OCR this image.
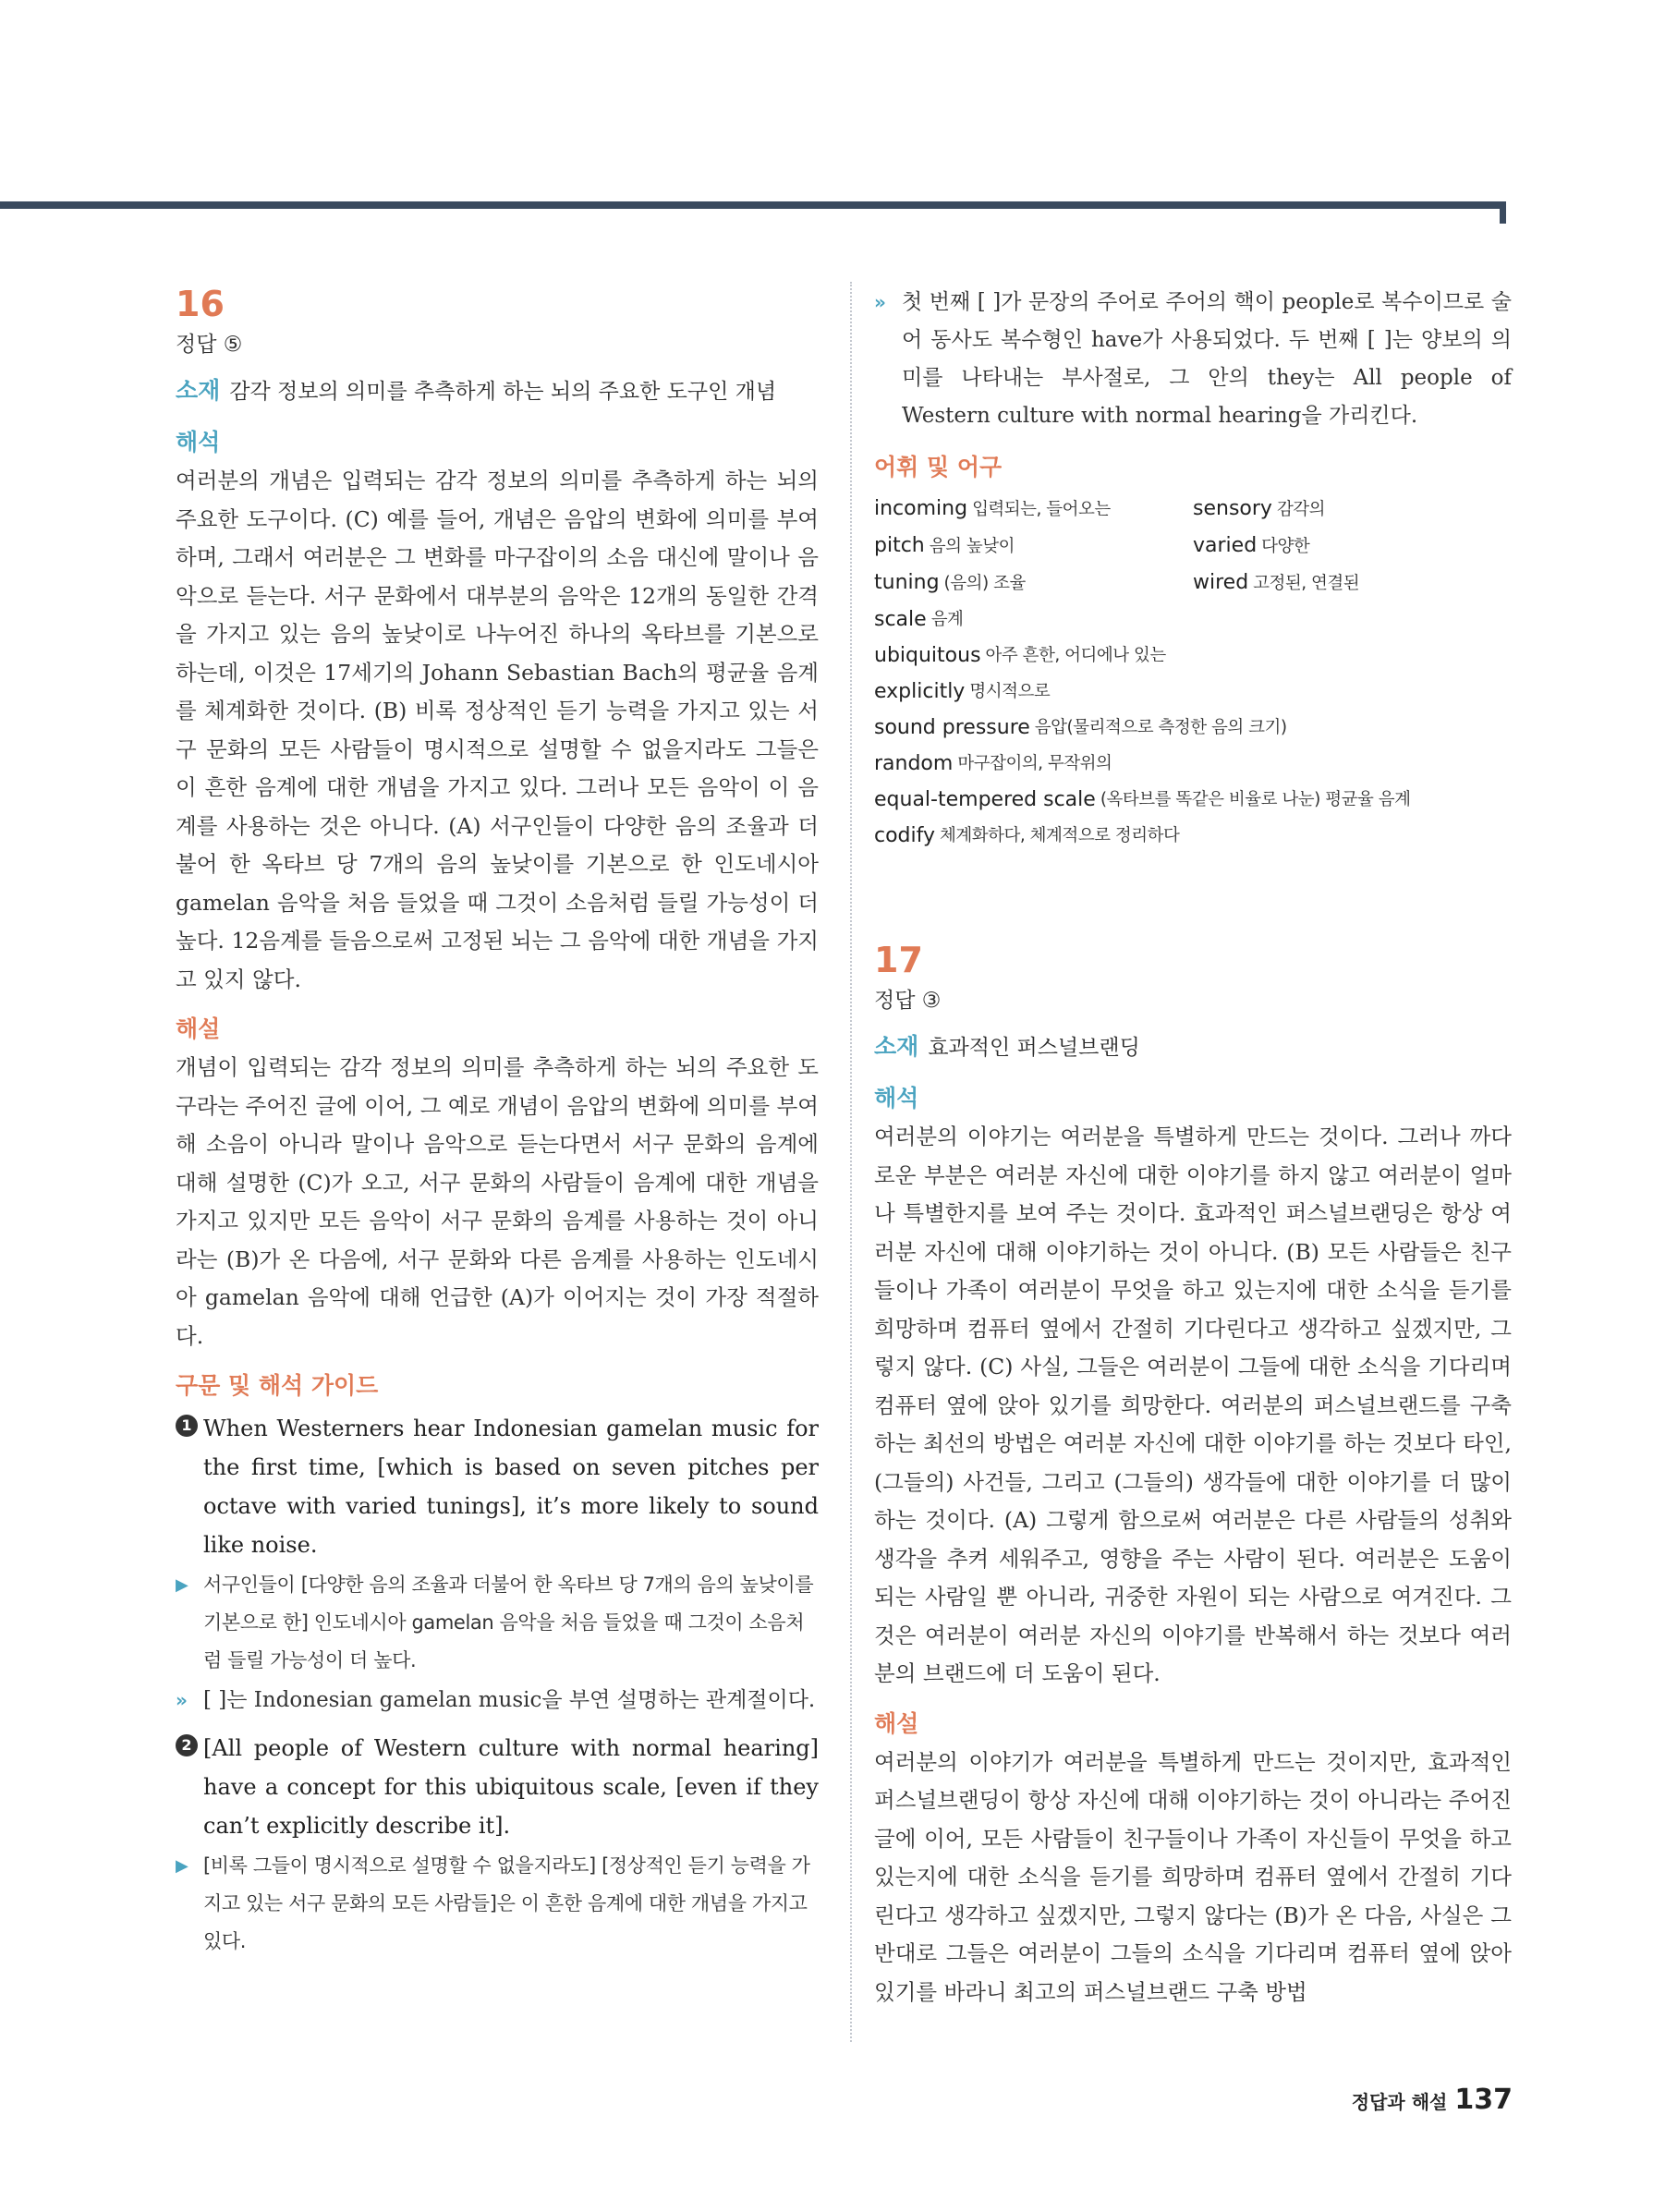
16
정답 ⑤
소재 감각 정보의 의미를 추측하게 하는 뇌의 주요한 도구인 개념
해석

여러분의 개념은 입력되는 감각 정보의 의미를 추측하게 하는 뇌의 주요한 도구이다. (C) 예를 들어, 개념은 음압의 변화에 의미를 부여하며, 그래서 여러분은 그 변화를 마구잡이의 소음 대신에 말이나 음악으로 듣는다. 서구 문화에서 대부분의 음악은 12개의 동일한 간격을 가지고 있는 음의 높낮이로 나누어진 하나의 옥타브를 기본으로 하는데, 이것은 17세기의 Johann Sebastian Bach의 평균율 음계를 체계화한 것이다. (B) 비록 정상적인 듣기 능력을 가지고 있는 서구 문화의 모든 사람들이 명시적으로 설명할 수 없을지라도 그들은 이 흔한 음계에 대한 개념을 가지고 있다. 그러나 모든 음악이 이 음계를 사용하는 것은 아니다. (A) 서구인들이 다양한 음의 조율과 더불어 한 옥타브 당 7개의 음의 높낮이를 기본으로 한 인도네시아 gamelan 음악을 처음 들었을 때 그것이 소음처럼 들릴 가능성이 더 높다. 12음계를 들음으로써 고정된 뇌는 그 음악에 대한 개념을 가지고 있지 않다.

해설

개념이 입력되는 감각 정보의 의미를 추측하게 하는 뇌의 주요한 도구라는 주어진 글에 이어, 그 예로 개념이 음압의 변화에 의미를 부여해 소음이 아니라 말이나 음악으로 듣는다면서 서구 문화의 음계에 대해 설명한 (C)가 오고, 서구 문화의 사람들이 음계에 대한 개념을 가지고 있지만 모든 음악이 서구 문화의 음계를 사용하는 것이 아니라는 (B)가 온 다음에, 서구 문화와 다른 음계를 사용하는 인도네시아 gamelan 음악에 대해 언급한 (A)가 이어지는 것이 가장 적절하다.

구문 및 해석 가이드
1 When Westerners hear Indonesian gamelan music for the first time, [which is based on seven pitches per octave with varied tunings], it’s more likely to sound like noise.
▶ 서구인들이 [다양한 음의 조율과 더불어 한 옥타브 당 7개의 음의 높낮이를 기본으로 한] 인도네시아 gamelan 음악을 처음 들었을 때 그것이 소음처럼 들릴 가능성이 더 높다.
» [ ]는 Indonesian gamelan music을 부연 설명하는 관계절이다.
2 [All people of Western culture with normal hearing] have a concept for this ubiquitous scale, [even if they can’t explicitly describe it].
▶ [비록 그들이 명시적으로 설명할 수 없을지라도] [정상적인 듣기 능력을 가지고 있는 서구 문화의 모든 사람들]은 이 흔한 음계에 대한 개념을 가지고 있다.
» 첫 번째 [ ]가 문장의 주어로 주어의 핵이 people로 복수이므로 술어 동사도 복수형인 have가 사용되었다. 두 번째 [ ]는 양보의 의미를 나타내는 부사절로, 그 안의 they는 All people of Western culture with normal hearing을 가리킨다.
어휘 및 어구
incoming 입력되는, 들어오는	sensory 감각의
pitch 음의 높낮이	varied 다양한
tuning (음의) 조율	wired 고정된, 연결된
scale 음계
ubiquitous 아주 흔한, 어디에나 있는
explicitly 명시적으로
sound pressure 음압(물리적으로 측정한 음의 크기)
random 마구잡이의, 무작위의
equal-tempered scale (옥타브를 똑같은 비율로 나눈) 평균율 음계
codify 체계화하다, 체계적으로 정리하다
17
정답 ③
소재 효과적인 퍼스널브랜딩
해석

여러분의 이야기는 여러분을 특별하게 만드는 것이다. 그러나 까다로운 부분은 여러분 자신에 대한 이야기를 하지 않고 여러분이 얼마나 특별한지를 보여 주는 것이다. 효과적인 퍼스널브랜딩은 항상 여러분 자신에 대해 이야기하는 것이 아니다. (B) 모든 사람들은 친구들이나 가족이 여러분이 무엇을 하고 있는지에 대한 소식을 듣기를 희망하며 컴퓨터 옆에서 간절히 기다린다고 생각하고 싶겠지만, 그렇지 않다. (C) 사실, 그들은 여러분이 그들에 대한 소식을 기다리며 컴퓨터 옆에 앉아 있기를 희망한다. 여러분의 퍼스널브랜드를 구축하는 최선의 방법은 여러분 자신에 대한 이야기를 하는 것보다 타인, (그들의) 사건들, 그리고 (그들의) 생각들에 대한 이야기를 더 많이 하는 것이다. (A) 그렇게 함으로써 여러분은 다른 사람들의 성취와 생각을 추켜 세워주고, 영향을 주는 사람이 된다. 여러분은 도움이 되는 사람일 뿐 아니라, 귀중한 자원이 되는 사람으로 여겨진다. 그것은 여러분이 여러분 자신의 이야기를 반복해서 하는 것보다 여러분의 브랜드에 더 도움이 된다.

해설

여러분의 이야기가 여러분을 특별하게 만드는 것이지만, 효과적인 퍼스널브랜딩이 항상 자신에 대해 이야기하는 것이 아니라는 주어진 글에 이어, 모든 사람들이 친구들이나 가족이 자신들이 무엇을 하고 있는지에 대한 소식을 듣기를 희망하며 컴퓨터 옆에서 간절히 기다린다고 생각하고 싶겠지만, 그렇지 않다는 (B)가 온 다음, 사실은 그 반대로 그들은 여러분이 그들의 소식을 기다리며 컴퓨터 옆에 앉아 있기를 바라니 최고의 퍼스널브랜드 구축 방법

정답과 해설 137
